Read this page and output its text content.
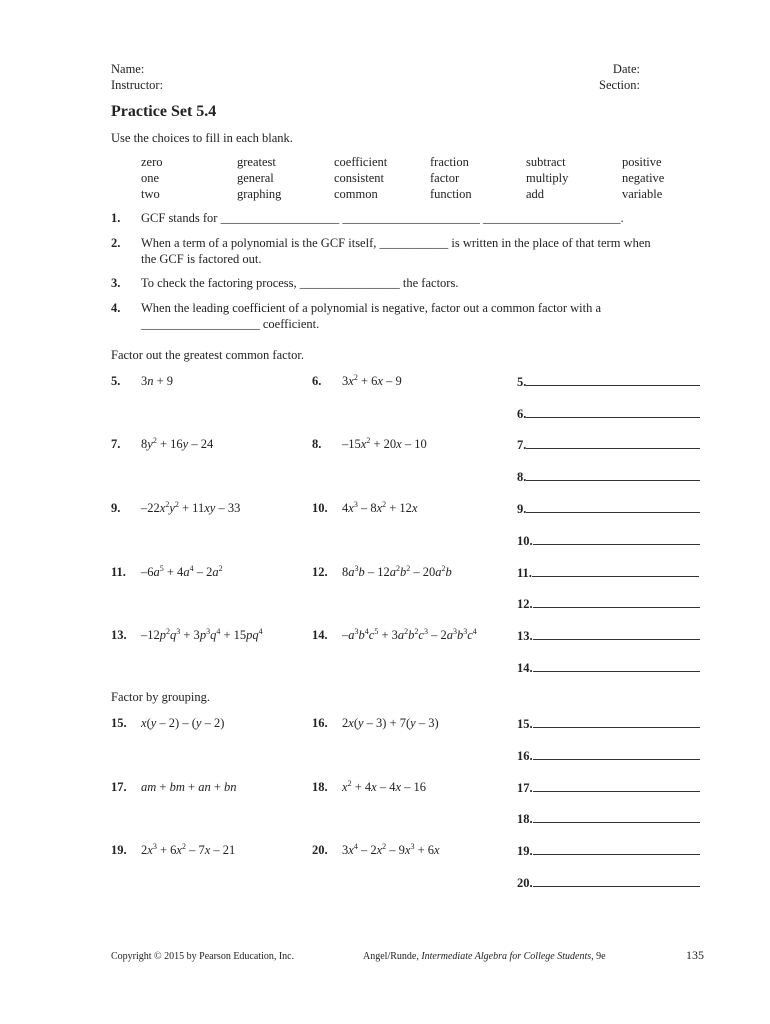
Name:
Instructor:
Date:
Section:
Practice Set 5.4
Use the choices to fill in each blank.
zero	greatest	coefficient	fraction	subtract	positive
one	general	consistent	factor	multiply	negative
two	graphing	common	function	add	variable
1. GCF stands for ___________________ ______________________ ______________________.
2. When a term of a polynomial is the GCF itself, ___________ is written in the place of that term when
the GCF is factored out.
3. To check the factoring process, ________________ the factors.
4. When the leading coefficient of a polynomial is negative, factor out a common factor with a
___________________ coefficient.
Factor out the greatest common factor.
Factor by grouping.
5. 3n + 9	6. $3x^2 + 6x - 9$
7. $8y^2 + 16y - 24$	8. $-15x^2 + 20x - 10$
9. $-22x^2y^2 + 11xy - 33$	10. $4x^3 - 8x^2 + 12x$
11. $-6a^5 + 4a^4 - 2a^2$	12. $8a^3b - 12a^2b^2 - 20a^2b$
13. $-12p^2q^3 + 3p^3q^4 + 15pq^4$	14. $-a^3b^4c^5 + 3a^2b^2c^3 - 2a^3b^3c^4$
15. x(y – 2) – (y – 2)	16. 2x(y – 3) + 7(y – 3)
17. am + bm + an + bn	18. $x^2 + 4x - 4x - 16$
19. $2x^3 + 6x^2 - 7x - 21$	20. $3x^4 - 2x^2 - 9x^3 + 6x$
5.
6.
7.
8.
9.
10.
11.
12.
13.
14.
15.
16.
17.
18.
19.
20.
Copyright © 2015 by Pearson Education, Inc.	Angel/Runde, Intermediate Algebra for College Students, 9e	135
